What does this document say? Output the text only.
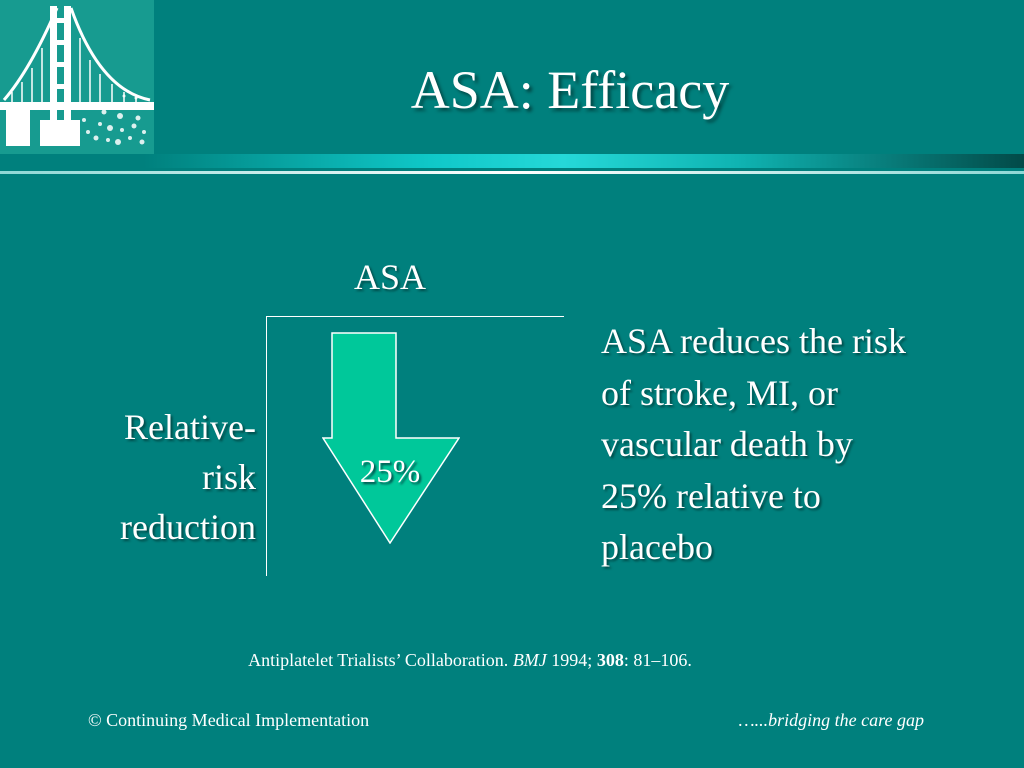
ASA: Efficacy
ASA
Relative-
risk
reduction
25%
ASA reduces the risk of stroke, MI, or vascular death by 25% relative to placebo
Antiplatelet Trialists’ Collaboration. BMJ 1994; 308: 81–106.
© Continuing Medical Implementation	…...bridging the care gap
